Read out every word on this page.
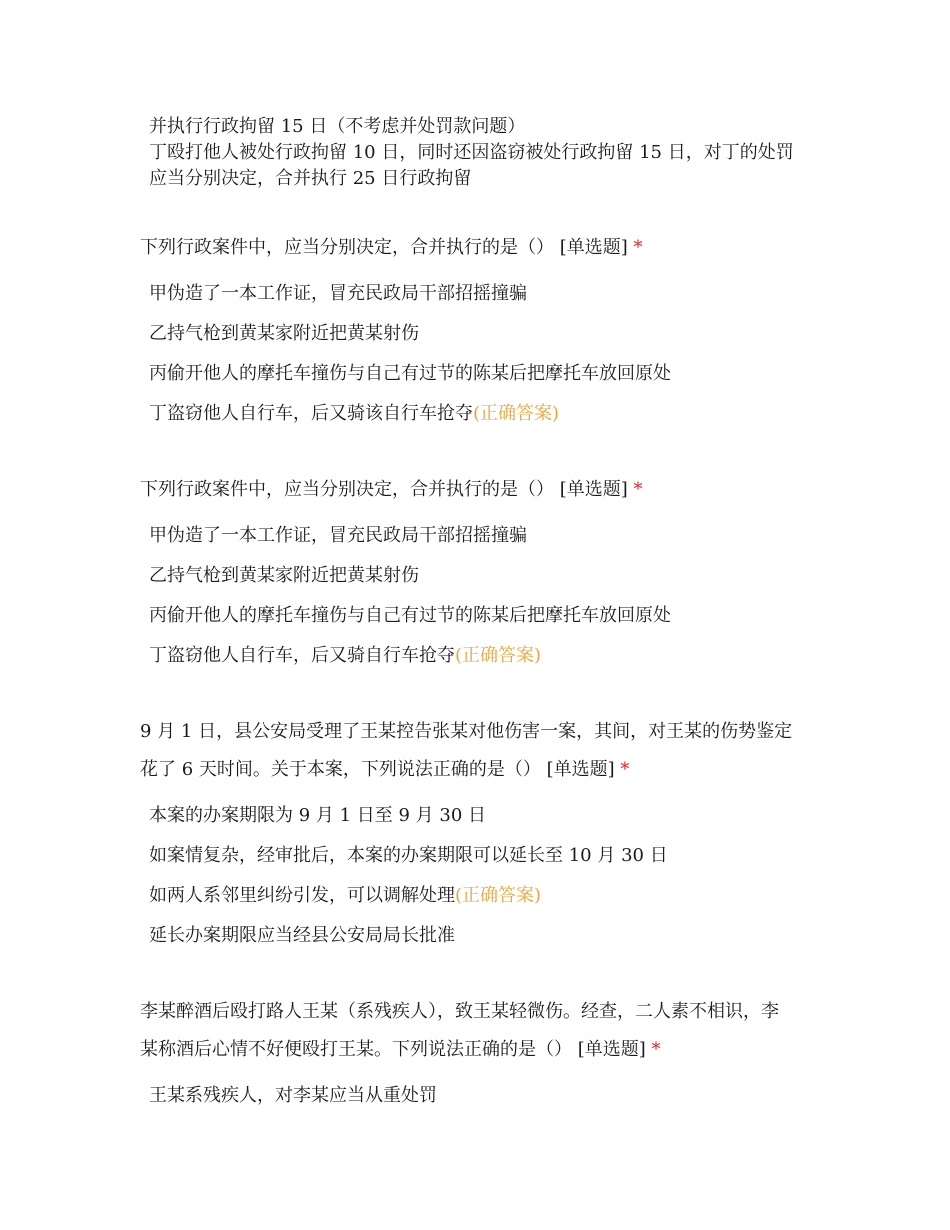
并执行行政拘留 15 日（不考虑并处罚款问题）
丁殴打他人被处行政拘留 10 日，同时还因盗窃被处行政拘留 15 日，对丁的处罚
应当分别决定，合并执行 25 日行政拘留
下列行政案件中，应当分别决定，合并执行的是（） [单选题] *
甲伪造了一本工作证，冒充民政局干部招摇撞骗
乙持气枪到黄某家附近把黄某射伤
丙偷开他人的摩托车撞伤与自己有过节的陈某后把摩托车放回原处
丁盗窃他人自行车，后又骑该自行车抢夺(正确答案)
下列行政案件中，应当分别决定，合并执行的是（） [单选题] *
甲伪造了一本工作证，冒充民政局干部招摇撞骗
乙持气枪到黄某家附近把黄某射伤
丙偷开他人的摩托车撞伤与自己有过节的陈某后把摩托车放回原处
丁盗窃他人自行车，后又骑自行车抢夺(正确答案)
9 月 1 日，县公安局受理了王某控告张某对他伤害一案，其间，对王某的伤势鉴定
花了 6 天时间。关于本案，下列说法正确的是（） [单选题] *
本案的办案期限为 9 月 1 日至 9 月 30 日
如案情复杂，经审批后，本案的办案期限可以延长至 10 月 30 日
如两人系邻里纠纷引发，可以调解处理(正确答案)
延长办案期限应当经县公安局局长批准
李某醉酒后殴打路人王某（系残疾人），致王某轻微伤。经查，二人素不相识，李
某称酒后心情不好便殴打王某。下列说法正确的是（） [单选题] *
王某系残疾人，对李某应当从重处罚
